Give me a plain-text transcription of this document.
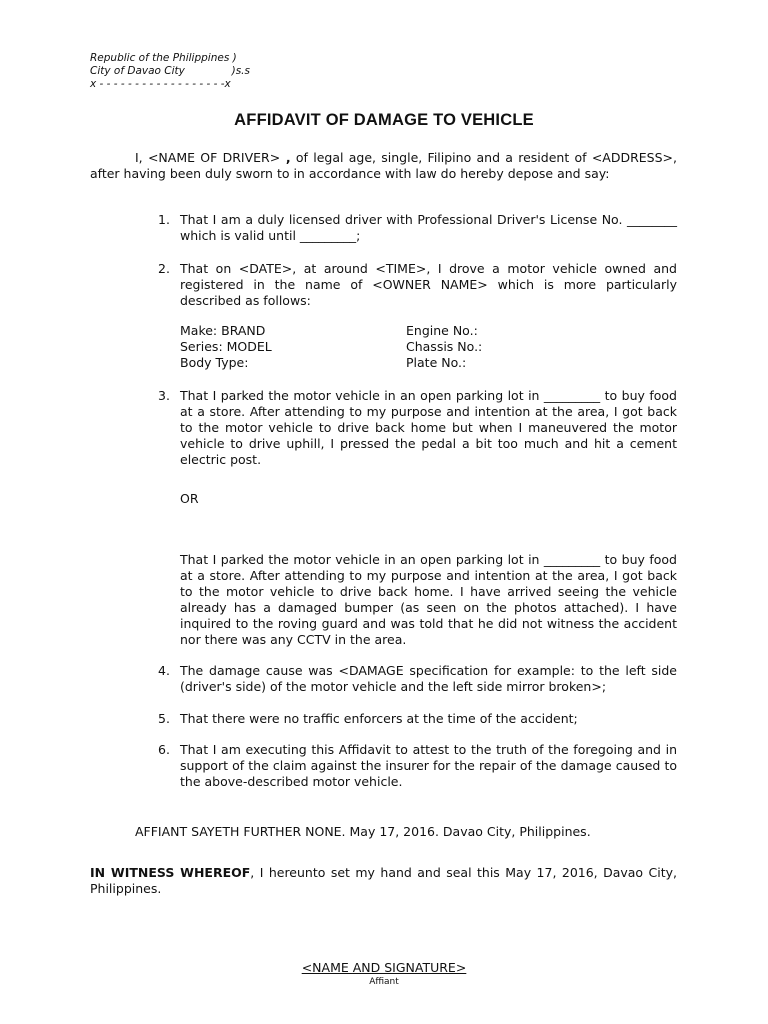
Republic of the Philippines )
City of Davao City              )s.s
x - - - - - - - - - - - - - - - - - -x
AFFIDAVIT OF DAMAGE TO VEHICLE
I, <NAME OF DRIVER> , of legal age, single, Filipino and a resident of <ADDRESS>, after having been duly sworn to in accordance with law do hereby depose and say:
1. That I am a duly licensed driver with Professional Driver's License No. ________ which is valid until _________;
2. That on <DATE>, at around <TIME>, I drove a motor vehicle owned and registered in the name of <OWNER NAME> which is more particularly described as follows:
Make: BRAND	Engine No.:
Series: MODEL	Chassis No.:
Body Type:	Plate No.:
3. That I parked the motor vehicle in an open parking lot in _________ to buy food at a store. After attending to my purpose and intention at the area, I got back to the motor vehicle to drive back home but when I maneuvered the motor vehicle to drive uphill, I pressed the pedal a bit too much and hit a cement electric post.
OR
That I parked the motor vehicle in an open parking lot in _________ to buy food at a store. After attending to my purpose and intention at the area, I got back to the motor vehicle to drive back home. I have arrived seeing the vehicle already has a damaged bumper (as seen on the photos attached). I have inquired to the roving guard and was told that he did not witness the accident nor there was any CCTV in the area.
4. The damage cause was <DAMAGE specification for example: to the left side (driver's side) of the motor vehicle and the left side mirror broken>;
5. That there were no traffic enforcers at the time of the accident;
6. That I am executing this Affidavit to attest to the truth of the foregoing and in support of the claim against the insurer for the repair of the damage caused to the above-described motor vehicle.
AFFIANT SAYETH FURTHER NONE. May 17, 2016. Davao City, Philippines.
IN WITNESS WHEREOF, I hereunto set my hand and seal this May 17, 2016, Davao City, Philippines.
<NAME AND SIGNATURE>
Affiant
